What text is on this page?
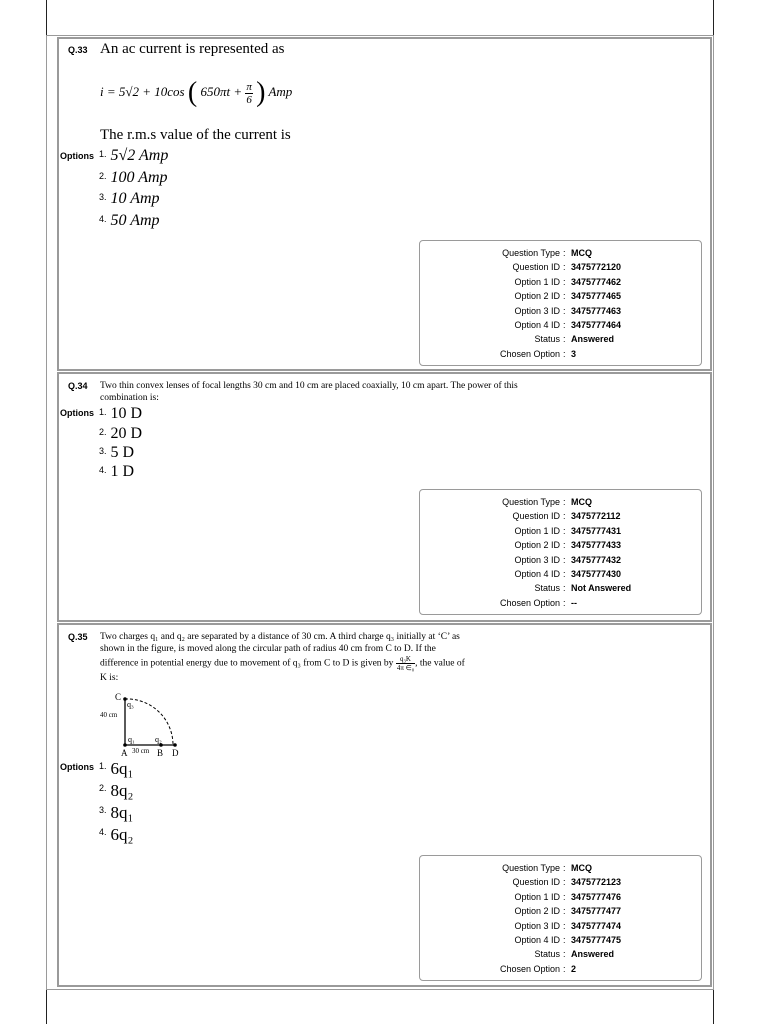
Q.33 An ac current is represented as
i = 5√2 + 10cos ( $650\pi t + \frac{\pi}{6}$ ) Amp
The r.m.s value of the current is
Options $^{1.}$ 5√2 Amp
$^{2.}$ 100 Amp
$^{3.}$ 10 Amp
$^{4.}$ 50 Amp
Question Type : MCQ
Question ID : 3475772120
Option 1 ID : 3475777462
Option 2 ID : 3475777465
Option 3 ID : 3475777463
Option 4 ID : 3475777464
Status : Answered
Chosen Option : 3
Q.34 Two thin convex lenses of focal lengths 30 cm and 10 cm are placed coaxially, 10 cm apart. The power of this combination is:
Options $^{1.}$ 10 D
$^{2.}$ 20 D
$^{3.}$ 5 D
$^{4.}$ 1 D
Question Type : MCQ
Question ID : 3475772112
Option 1 ID : 3475777431
Option 2 ID : 3475777433
Option 3 ID : 3475777432
Option 4 ID : 3475777430
Status : Not Answered
Chosen Option : --
Q.35 Two charges q₁ and q₂ are separated by a distance of 30 cm. A third charge q₃ initially at ‘C’ as
shown in the figure, is moved along the circular path of radius 40 cm from C to D. If the
difference in potential energy due to movement of q₃ from C to D is given by $\frac{\text{q₃K}}{\text{4π ∈₀}}$ , the value of
K is:
C
q₃
40 cm
q₁	q₂
A 30 cm B D
Options $^{1.}$ 6q₁
$^{2.}$ 8q₂
$^{3.}$ 8q₁
$^{4.}$ 6q₂
Question Type : MCQ
Question ID : 3475772123
Option 1 ID : 3475777476
Option 2 ID : 3475777477
Option 3 ID : 3475777474
Option 4 ID : 3475777475
Status : Answered
Chosen Option : 2
